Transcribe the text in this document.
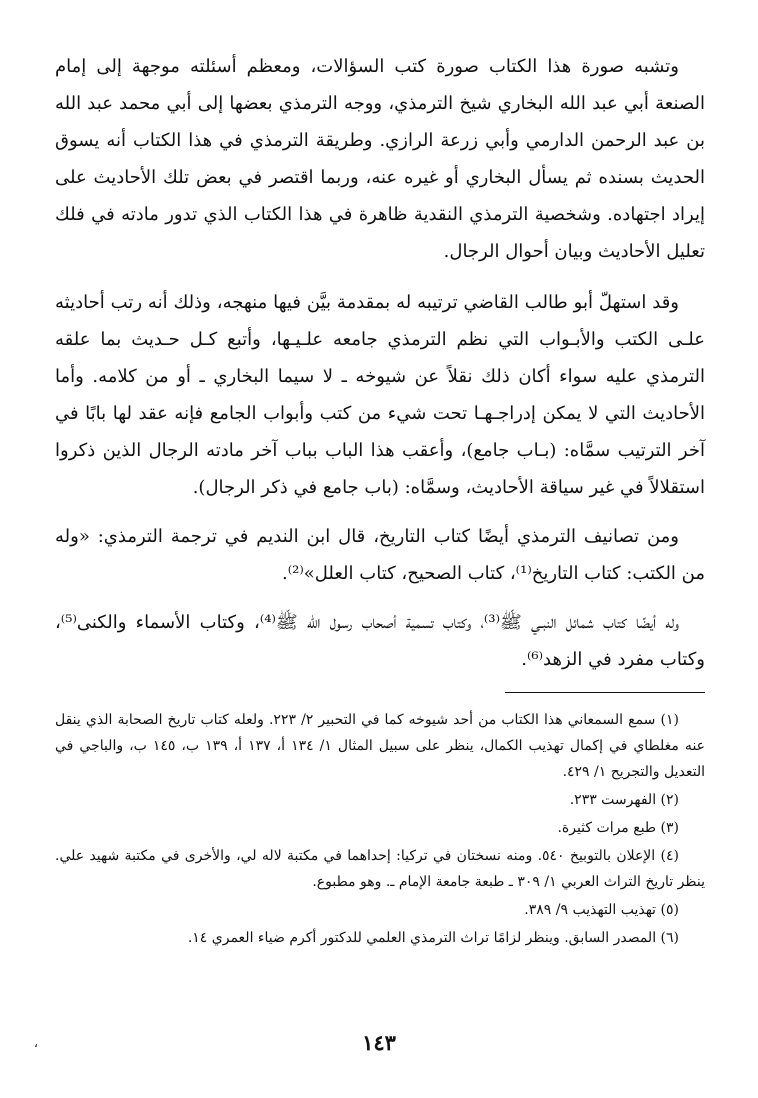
وتشبه صورة هذا الكتاب صورة كتب السؤالات، ومعظم أسئلته موجهة إلى إمام الصنعة أبي عبد الله البخاري شيخ الترمذي، ووجه الترمذي بعضها إلى أبي محمد عبد الله بن عبد الرحمن الدارمي وأبي زرعة الرازي. وطريقة الترمذي في هذا الكتاب أنه يسوق الحديث بسنده ثم يسأل البخاري أو غيره عنه، وربما اقتصر في بعض تلك الأحاديث على إيراد اجتهاده. وشخصية الترمذي النقدية ظاهرة في هذا الكتاب الذي تدور مادته في فلك تعليل الأحاديث وبيان أحوال الرجال.

وقد استهلّ أبو طالب القاضي ترتيبه له بمقدمة بيَّن فيها منهجه، وذلك أنه رتب أحاديثه علـى الكتب والأبـواب التي نظم الترمذي جامعه علـيـها، وأتبع كـل حـديث بما علقه الترمذي عليه سواء أكان ذلك نقلاً عن شيوخه ـ لا سيما البخاري ـ أو من كلامه. وأما الأحاديث التي لا يمكن إدراجـهـا تحت شيء من كتب وأبواب الجامع فإنه عقد لها بابًا في آخر الترتيب سمَّاه: (بـاب جامع)، وأعقب هذا الباب بباب آخر مادته الرجال الذين ذكروا استقلالاً في غير سياقة الأحاديث، وسمَّاه: (باب جامع في ذكر الرجال).

ومن تصانيف الترمذي أيضًا كتاب التاريخ، قال ابن النديم في ترجمة الترمذي: «وله من الكتب: كتاب التاريخ⁽¹⁾، كتاب الصحيح، كتاب العلل»⁽²⁾.

وله أيضًا كتاب شمائل النبـي ﷺ⁽³⁾، وكتاب تسمية أصحاب رسول الله ﷺ⁽⁴⁾، وكتاب الأسماء والكنى⁽⁵⁾، وكتاب مفرد في الزهد⁽⁶⁾.

(١) سمع السمعاني هذا الكتاب من أحد شيوخه كما في التحبير ٢/ ٢٢٣. ولعله كتاب تاريخ الصحابة الذي ينقل عنه مغلطاي في إكمال تهذيب الكمال، ينظر على سبيل المثال ١/ ١٣٤ أ، ١٣٧ أ، ١٣٩ ب، ١٤٥ ب، والباجي في التعديل والتجريح ١/ ٤٢٩.

(٢) الفهرست ٢٣٣.

(٣) طبع مرات كثيرة.

(٤) الإعلان بالتوبيخ ٥٤٠. ومنه نسختان في تركيا: إحداهما في مكتبة لاله لي، والأخرى في مكتبة شهيد علي. ينظر تاريخ التراث العربي ١/ ٣٠٩ ـ طبعة جامعة الإمام ـ. وهو مطبوع.

(٥) تهذيب التهذيب ٩/ ٣٨٩.

(٦) المصدر السابق. وينظر لزامًا تراث الترمذي العلمي للدكتور أكرم ضياء العمري ١٤.

،	١٤٣
